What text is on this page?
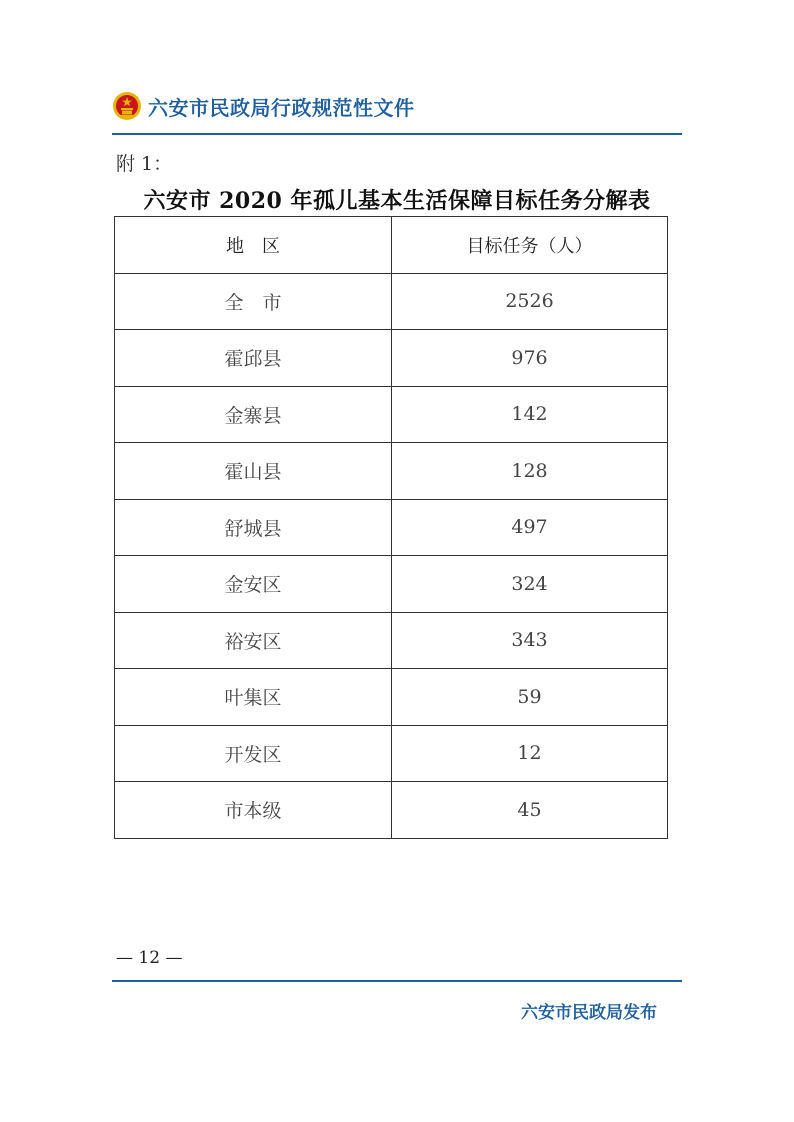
六安市民政局行政规范性文件
附 1：
六安市 2020 年孤儿基本生活保障目标任务分解表
地　区	目标任务（人）
全　市	2526
霍邱县	976
金寨县	142
霍山县	128
舒城县	497
金安区	324
裕安区	343
叶集区	59
开发区	12
市本级	45
— 12 —
六安市民政局发布
